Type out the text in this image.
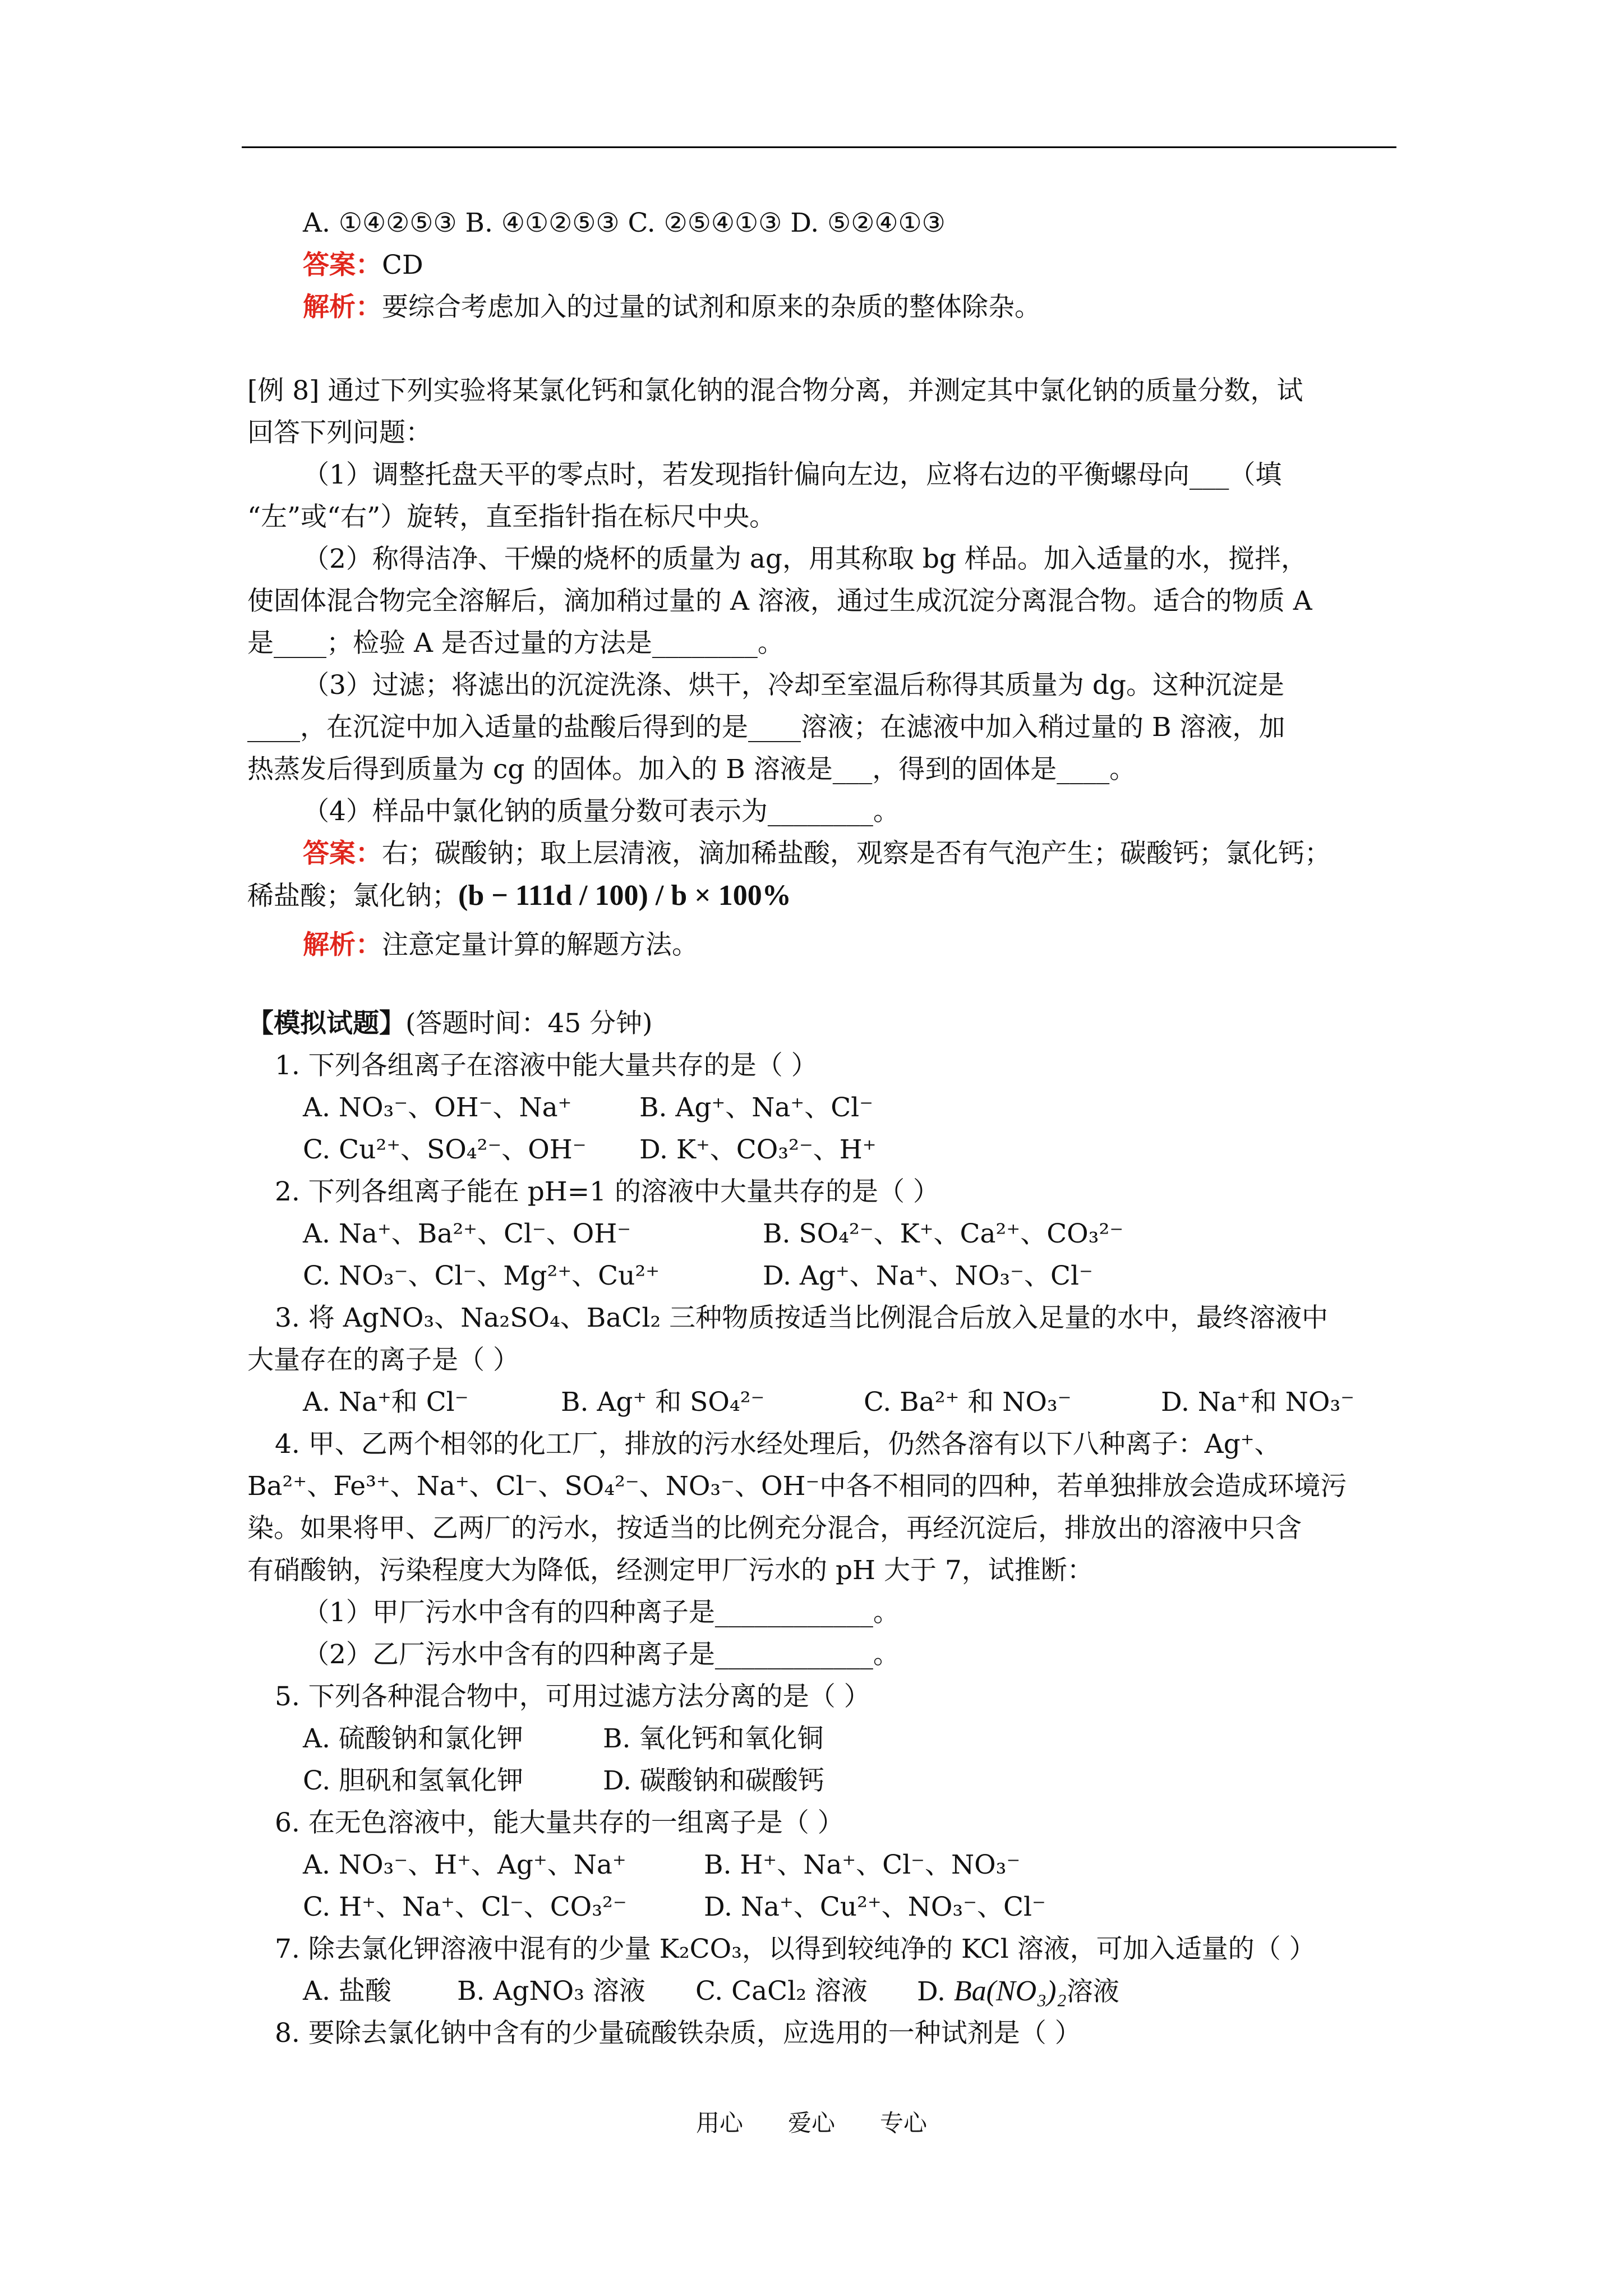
A. ①④②⑤③ B. ④①②⑤③ C. ②⑤④①③ D. ⑤②④①③
答案：CD
解析：要综合考虑加入的过量的试剂和原来的杂质的整体除杂。
[例 8] 通过下列实验将某氯化钙和氯化钠的混合物分离，并测定其中氯化钠的质量分数，试
回答下列问题：
（1）调整托盘天平的零点时，若发现指针偏向左边，应将右边的平衡螺母向___（填
“左”或“右”）旋转，直至指针指在标尺中央。
（2）称得洁净、干燥的烧杯的质量为 ag，用其称取 bg 样品。加入适量的水，搅拌，
使固体混合物完全溶解后，滴加稍过量的 A 溶液，通过生成沉淀分离混合物。适合的物质 A
是____；检验 A 是否过量的方法是________。
（3）过滤；将滤出的沉淀洗涤、烘干，冷却至室温后称得其质量为 dg。这种沉淀是
____，在沉淀中加入适量的盐酸后得到的是____溶液；在滤液中加入稍过量的 B 溶液，加
热蒸发后得到质量为 cg 的固体。加入的 B 溶液是___，得到的固体是____。
（4）样品中氯化钠的质量分数可表示为________。
答案：右；碳酸钠；取上层清液，滴加稀盐酸，观察是否有气泡产生；碳酸钙；氯化钙；
稀盐酸；氯化钠；(b − 111d / 100) / b × 100%
解析：注意定量计算的解题方法。
【模拟试题】(答题时间：45 分钟)
1. 下列各组离子在溶液中能大量共存的是（ ）
A. NO₃⁻、OH⁻、Na⁺	B. Ag⁺、Na⁺、Cl⁻
C. Cu²⁺、SO₄²⁻、OH⁻ D. K⁺、CO₃²⁻、H⁺
2. 下列各组离子能在 pH=1 的溶液中大量共存的是（ ）
A. Na⁺、Ba²⁺、Cl⁻、OH⁻	B. SO₄²⁻、K⁺、Ca²⁺、CO₃²⁻
C. NO₃⁻、Cl⁻、Mg²⁺、Cu²⁺	D. Ag⁺、Na⁺、NO₃⁻、Cl⁻
3. 将 AgNO₃、Na₂SO₄、BaCl₂ 三种物质按适当比例混合后放入足量的水中，最终溶液中
大量存在的离子是（ ）
A. Na⁺和 Cl⁻	B. Ag⁺ 和 SO₄²⁻	C. Ba²⁺ 和 NO₃⁻	D. Na⁺和 NO₃⁻
4. 甲、乙两个相邻的化工厂，排放的污水经处理后，仍然各溶有以下八种离子：Ag⁺、
Ba²⁺、Fe³⁺、Na⁺、Cl⁻、SO₄²⁻、NO₃⁻、OH⁻中各不相同的四种，若单独排放会造成环境污
染。如果将甲、乙两厂的污水，按适当的比例充分混合，再经沉淀后，排放出的溶液中只含
有硝酸钠，污染程度大为降低，经测定甲厂污水的 pH 大于 7，试推断：
（1）甲厂污水中含有的四种离子是____________。
（2）乙厂污水中含有的四种离子是____________。
5. 下列各种混合物中，可用过滤方法分离的是（ ）
A. 硫酸钠和氯化钾	B. 氧化钙和氧化铜
C. 胆矾和氢氧化钾	D. 碳酸钠和碳酸钙
6. 在无色溶液中，能大量共存的一组离子是（ ）
A. NO₃⁻、H⁺、Ag⁺、Na⁺	B. H⁺、Na⁺、Cl⁻、NO₃⁻
C. H⁺、Na⁺、Cl⁻、CO₃²⁻	D. Na⁺、Cu²⁺、NO₃⁻、Cl⁻
7. 除去氯化钾溶液中混有的少量 K₂CO₃，以得到较纯净的 KCl 溶液，可加入适量的（ ）
A. 盐酸 B. AgNO₃ 溶液 C. CaCl₂ 溶液 D. Ba(NO₃)₂溶液
8. 要除去氯化钠中含有的少量硫酸铁杂质，应选用的一种试剂是（ ）
用心 爱心 专心
